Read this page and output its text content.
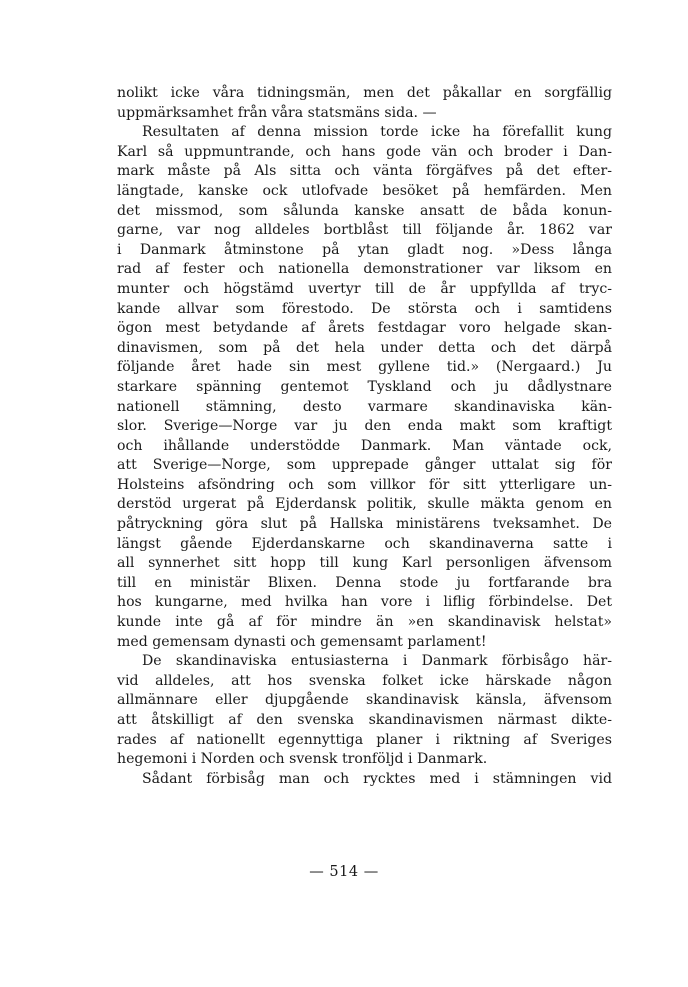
nolikt icke våra tidningsmän, men det påkallar en sorgfällig
uppmärksamhet från våra statsmäns sida. —
Resultaten af denna mission torde icke ha förefallit kung
Karl så uppmuntrande, och hans gode vän och broder i Dan-
mark måste på Als sitta och vänta förgäfves på det efter-
längtade, kanske ock utlofvade besöket på hemfärden. Men
det missmod, som sålunda kanske ansatt de båda konun-
garne, var nog alldeles bortblåst till följande år. 1862 var
i Danmark åtminstone på ytan gladt nog. »Dess långa
rad af fester och nationella demonstrationer var liksom en
munter och högstämd uvertyr till de år uppfyllda af tryc-
kande allvar som förestodo. De största och i samtidens
ögon mest betydande af årets festdagar voro helgade skan-
dinavismen, som på det hela under detta och det därpå
följande året hade sin mest gyllene tid.» (Nergaard.) Ju
starkare spänning gentemot Tyskland och ju dådlystnare
nationell stämning, desto varmare skandinaviska kän-
slor. Sverige—Norge var ju den enda makt som kraftigt
och ihållande understödde Danmark. Man väntade ock,
att Sverige—Norge, som upprepade gånger uttalat sig för
Holsteins afsöndring och som villkor för sitt ytterligare un-
derstöd urgerat på Ejderdansk politik, skulle mäkta genom en
påtryckning göra slut på Hallska ministärens tveksamhet. De
längst gående Ejderdanskarne och skandinaverna satte i
all synnerhet sitt hopp till kung Karl personligen äfvensom
till en ministär Blixen. Denna stode ju fortfarande bra
hos kungarne, med hvilka han vore i liflig förbindelse. Det
kunde inte gå af för mindre än »en skandinavisk helstat»
med gemensam dynasti och gemensamt parlament!
De skandinaviska entusiasterna i Danmark förbisågo här-
vid alldeles, att hos svenska folket icke härskade någon
allmännare eller djupgående skandinavisk känsla, äfvensom
att åtskilligt af den svenska skandinavismen närmast dikte-
rades af nationellt egennyttiga planer i riktning af Sveriges
hegemoni i Norden och svensk tronföljd i Danmark.
Sådant förbisåg man och rycktes med i stämningen vid
— 514 —
